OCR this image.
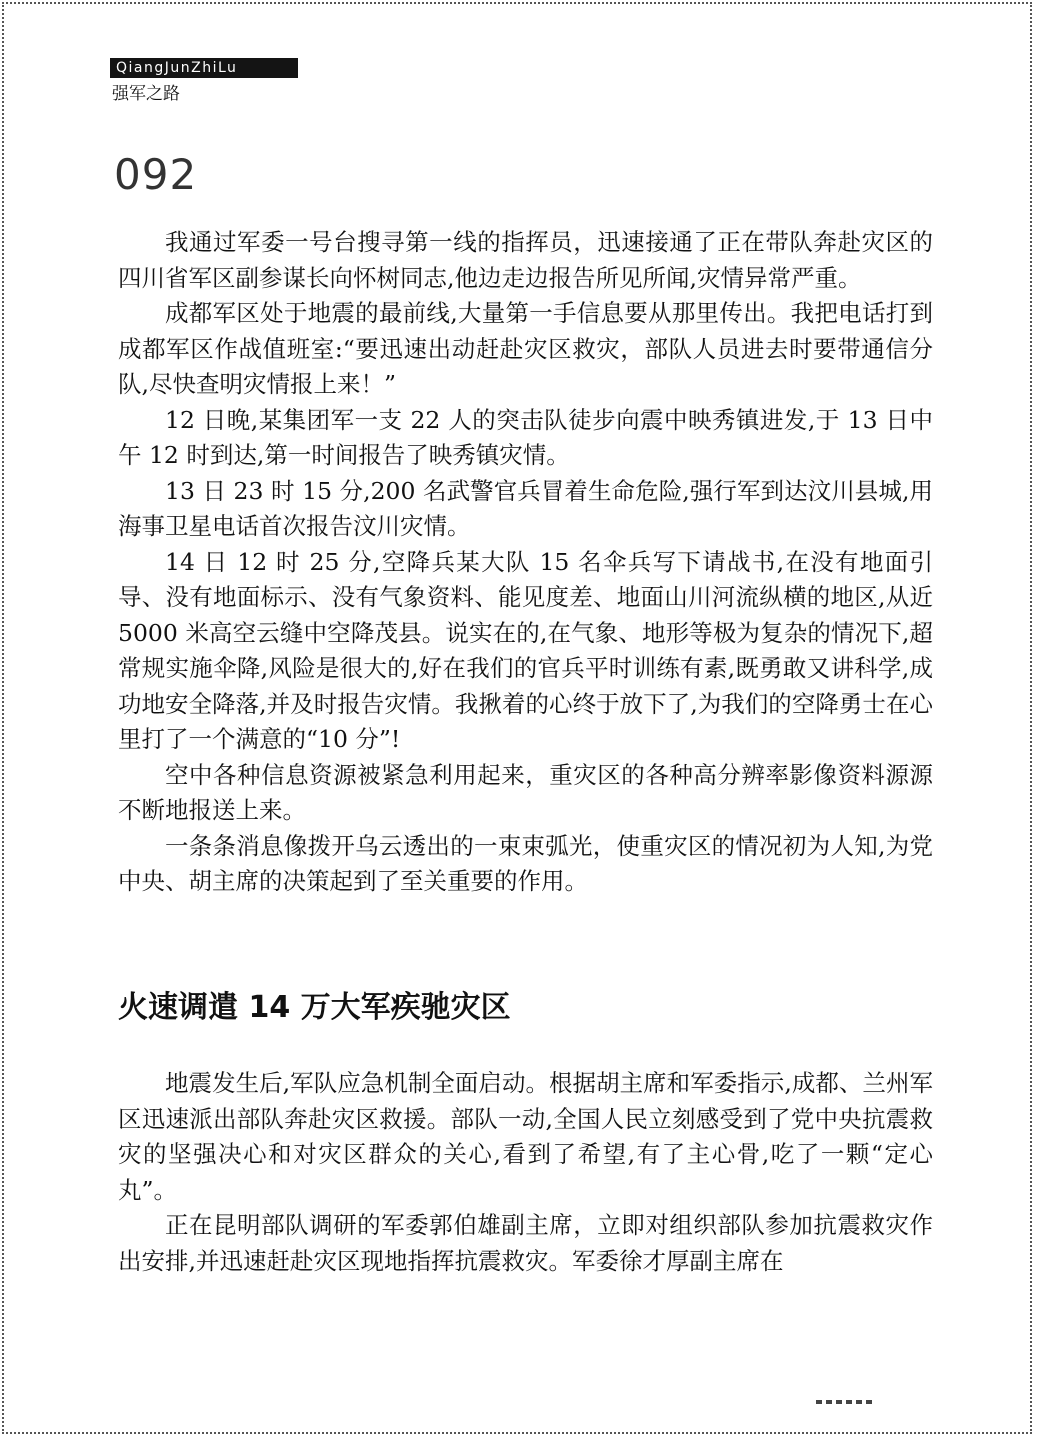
QiangJunZhiLu
强军之路
092

我通过军委一号台搜寻第一线的指挥员，迅速接通了正在带队奔赴灾区的四川省军区副参谋长向怀树同志,他边走边报告所见所闻,灾情异常严重。

成都军区处于地震的最前线,大量第一手信息要从那里传出。我把电话打到成都军区作战值班室:“要迅速出动赶赴灾区救灾，部队人员进去时要带通信分队,尽快查明灾情报上来！”

12 日晚,某集团军一支 22 人的突击队徒步向震中映秀镇进发,于 13 日中午 12 时到达,第一时间报告了映秀镇灾情。

13 日 23 时 15 分,200 名武警官兵冒着生命危险,强行军到达汶川县城,用海事卫星电话首次报告汶川灾情。

14 日 12 时 25 分,空降兵某大队 15 名伞兵写下请战书,在没有地面引导、没有地面标示、没有气象资料、能见度差、地面山川河流纵横的地区,从近 5000 米高空云缝中空降茂县。说实在的,在气象、地形等极为复杂的情况下,超常规实施伞降,风险是很大的,好在我们的官兵平时训练有素,既勇敢又讲科学,成功地安全降落,并及时报告灾情。我揪着的心终于放下了,为我们的空降勇士在心里打了一个满意的“10 分”!

空中各种信息资源被紧急利用起来，重灾区的各种高分辨率影像资料源源不断地报送上来。

一条条消息像拨开乌云透出的一束束弧光，使重灾区的情况初为人知,为党中央、胡主席的决策起到了至关重要的作用。

火速调遣 14 万大军疾驰灾区

地震发生后,军队应急机制全面启动。根据胡主席和军委指示,成都、兰州军区迅速派出部队奔赴灾区救援。部队一动,全国人民立刻感受到了党中央抗震救灾的坚强决心和对灾区群众的关心,看到了希望,有了主心骨,吃了一颗“定心丸”。

正在昆明部队调研的军委郭伯雄副主席，立即对组织部队参加抗震救灾作出安排,并迅速赶赴灾区现地指挥抗震救灾。军委徐才厚副主席在
